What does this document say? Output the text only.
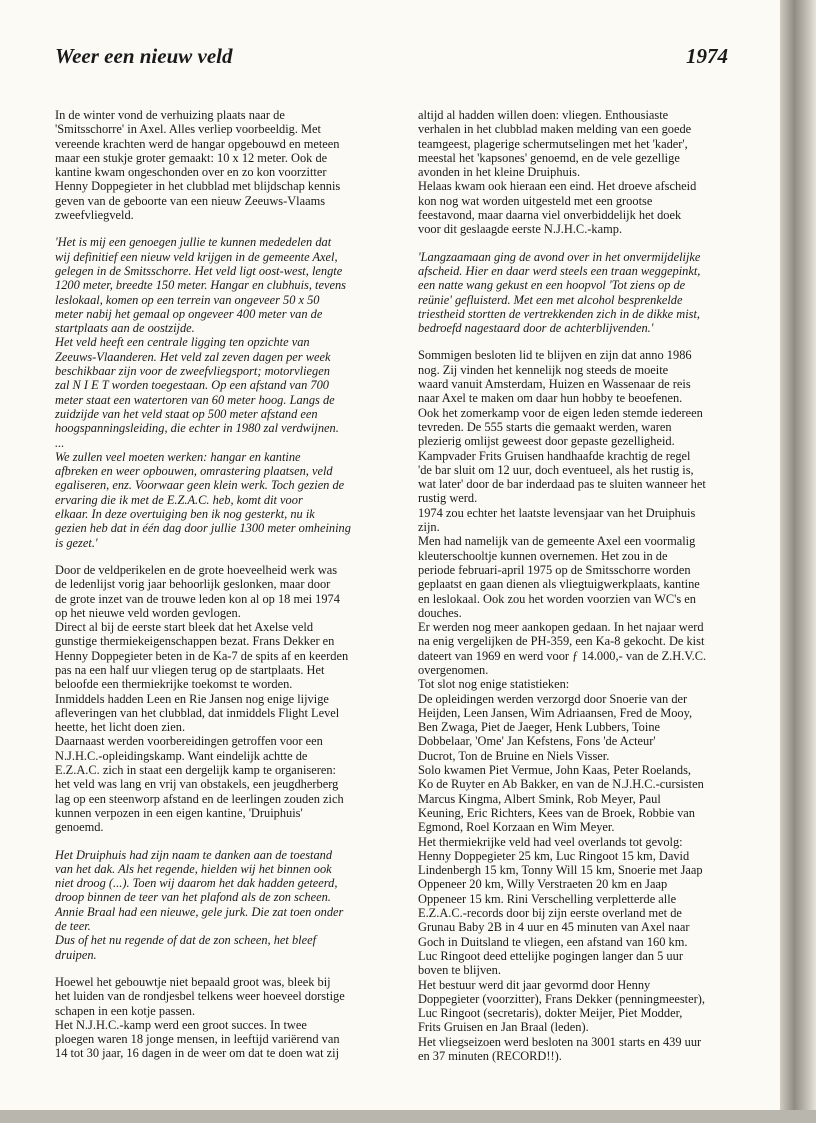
Weer een nieuw veld	1974

In de winter vond de verhuizing plaats naar de
'Smitsschorre' in Axel. Alles verliep voorbeeldig. Met
vereende krachten werd de hangar opgebouwd en meteen
maar een stukje groter gemaakt: 10 x 12 meter. Ook de
kantine kwam ongeschonden over en zo kon voorzitter
Henny Doppegieter in het clubblad met blijdschap kennis
geven van de geboorte van een nieuw Zeeuws-Vlaams
zweefvliegveld.

'Het is mij een genoegen jullie te kunnen mededelen dat
wij definitief een nieuw veld krijgen in de gemeente Axel,
gelegen in de Smitsschorre. Het veld ligt oost-west, lengte
1200 meter, breedte 150 meter. Hangar en clubhuis, tevens
leslokaal, komen op een terrein van ongeveer 50 x 50
meter nabij het gemaal op ongeveer 400 meter van de
startplaats aan de oostzijde.
Het veld heeft een centrale ligging ten opzichte van
Zeeuws-Vlaanderen. Het veld zal zeven dagen per week
beschikbaar zijn voor de zweefvliegsport; motorvliegen
zal N I E T worden toegestaan. Op een afstand van 700
meter staat een watertoren van 60 meter hoog. Langs de
zuidzijde van het veld staat op 500 meter afstand een
hoogspanningsleiding, die echter in 1980 zal verdwijnen.
...
We zullen veel moeten werken: hangar en kantine
afbreken en weer opbouwen, omrastering plaatsen, veld
egaliseren, enz. Voorwaar geen klein werk. Toch gezien de
ervaring die ik met de E.Z.A.C. heb, komt dit voor
elkaar. In deze overtuiging ben ik nog gesterkt, nu ik
gezien heb dat in één dag door jullie 1300 meter omheining
is gezet.'

Door de veldperikelen en de grote hoeveelheid werk was
de ledenlijst vorig jaar behoorlijk geslonken, maar door
de grote inzet van de trouwe leden kon al op 18 mei 1974
op het nieuwe veld worden gevlogen.
Direct al bij de eerste start bleek dat het Axelse veld
gunstige thermiekeigenschappen bezat. Frans Dekker en
Henny Doppegieter beten in de Ka-7 de spits af en keerden
pas na een half uur vliegen terug op de startplaats. Het
beloofde een thermiekrijke toekomst te worden.
Inmiddels hadden Leen en Rie Jansen nog enige lijvige
afleveringen van het clubblad, dat inmiddels Flight Level
heette, het licht doen zien.
Daarnaast werden voorbereidingen getroffen voor een
N.J.H.C.-opleidingskamp. Want eindelijk achtte de
E.Z.A.C. zich in staat een dergelijk kamp te organiseren:
het veld was lang en vrij van obstakels, een jeugdherberg
lag op een steenworp afstand en de leerlingen zouden zich
kunnen verpozen in een eigen kantine, 'Druiphuis'
genoemd.

Het Druiphuis had zijn naam te danken aan de toestand
van het dak. Als het regende, hielden wij het binnen ook
niet droog (...). Toen wij daarom het dak hadden geteerd,
droop binnen de teer van het plafond als de zon scheen.
Annie Braal had een nieuwe, gele jurk. Die zat toen onder
de teer.
Dus of het nu regende of dat de zon scheen, het bleef
druipen.

Hoewel het gebouwtje niet bepaald groot was, bleek bij
het luiden van de rondjesbel telkens weer hoeveel dorstige
schapen in een kotje passen.
Het N.J.H.C.-kamp werd een groot succes. In twee
ploegen waren 18 jonge mensen, in leeftijd variërend van
14 tot 30 jaar, 16 dagen in de weer om dat te doen wat zij

altijd al hadden willen doen: vliegen. Enthousiaste
verhalen in het clubblad maken melding van een goede
teamgeest, plagerige schermutselingen met het 'kader',
meestal het 'kapsones' genoemd, en de vele gezellige
avonden in het kleine Druiphuis.
Helaas kwam ook hieraan een eind. Het droeve afscheid
kon nog wat worden uitgesteld met een grootse
feestavond, maar daarna viel onverbiddelijk het doek
voor dit geslaagde eerste N.J.H.C.-kamp.

'Langzaamaan ging de avond over in het onvermijdelijke
afscheid. Hier en daar werd steels een traan weggepinkt,
een natte wang gekust en een hoopvol 'Tot ziens op de
reünie' gefluisterd. Met een met alcohol besprenkelde
triestheid stortten de vertrekkenden zich in de dikke mist,
bedroefd nagestaard door de achterblijvenden.'

Sommigen besloten lid te blijven en zijn dat anno 1986
nog. Zij vinden het kennelijk nog steeds de moeite
waard vanuit Amsterdam, Huizen en Wassenaar de reis
naar Axel te maken om daar hun hobby te beoefenen.
Ook het zomerkamp voor de eigen leden stemde iedereen
tevreden. De 555 starts die gemaakt werden, waren
plezierig omlijst geweest door gepaste gezelligheid.
Kampvader Frits Gruisen handhaafde krachtig de regel
'de bar sluit om 12 uur, doch eventueel, als het rustig is,
wat later' door de bar inderdaad pas te sluiten wanneer het
rustig werd.
1974 zou echter het laatste levensjaar van het Druiphuis
zijn.
Men had namelijk van de gemeente Axel een voormalig
kleuterschooltje kunnen overnemen. Het zou in de
periode februari-april 1975 op de Smitsschorre worden
geplaatst en gaan dienen als vliegtuigwerkplaats, kantine
en leslokaal. Ook zou het worden voorzien van WC's en
douches.
Er werden nog meer aankopen gedaan. In het najaar werd
na enig vergelijken de PH-359, een Ka-8 gekocht. De kist
dateert van 1969 en werd voor ƒ 14.000,- van de Z.H.V.C.
overgenomen.
Tot slot nog enige statistieken:
De opleidingen werden verzorgd door Snoerie van der
Heijden, Leen Jansen, Wim Adriaansen, Fred de Mooy,
Ben Zwaga, Piet de Jaeger, Henk Lubbers, Toine
Dobbelaar, 'Ome' Jan Kefstens, Fons 'de Acteur'
Ducrot, Ton de Bruine en Niels Visser.
Solo kwamen Piet Vermue, John Kaas, Peter Roelands,
Ko de Ruyter en Ab Bakker, en van de N.J.H.C.-cursisten
Marcus Kingma, Albert Smink, Rob Meyer, Paul
Keuning, Eric Richters, Kees van de Broek, Robbie van
Egmond, Roel Korzaan en Wim Meyer.
Het thermiekrijke veld had veel overlands tot gevolg:
Henny Doppegieter 25 km, Luc Ringoot 15 km, David
Lindenbergh 15 km, Tonny Will 15 km, Snoerie met Jaap
Oppeneer 20 km, Willy Verstraeten 20 km en Jaap
Oppeneer 15 km. Rini Verschelling verpletterde alle
E.Z.A.C.-records door bij zijn eerste overland met de
Grunau Baby 2B in 4 uur en 45 minuten van Axel naar
Goch in Duitsland te vliegen, een afstand van 160 km.
Luc Ringoot deed ettelijke pogingen langer dan 5 uur
boven te blijven.
Het bestuur werd dit jaar gevormd door Henny
Doppegieter (voorzitter), Frans Dekker (penningmeester),
Luc Ringoot (secretaris), dokter Meijer, Piet Modder,
Frits Gruisen en Jan Braal (leden).
Het vliegseizoen werd besloten na 3001 starts en 439 uur
en 37 minuten (RECORD!!).
